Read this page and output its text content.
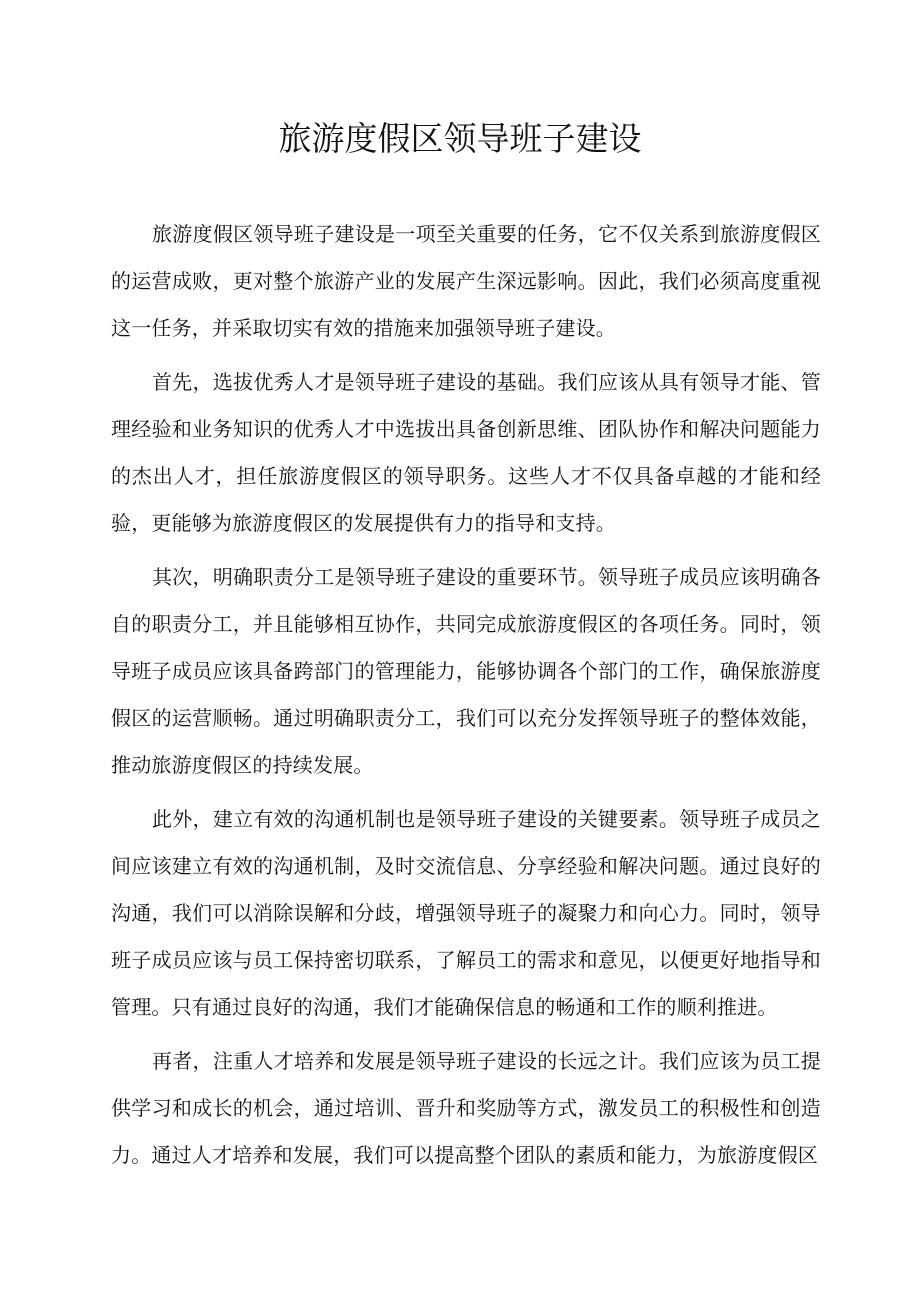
旅游度假区领导班子建设

旅游度假区领导班子建设是一项至关重要的任务，它不仅关系到旅游度假区的运营成败，更对整个旅游产业的发展产生深远影响。因此，我们必须高度重视这一任务，并采取切实有效的措施来加强领导班子建设。

首先，选拔优秀人才是领导班子建设的基础。我们应该从具有领导才能、管理经验和业务知识的优秀人才中选拔出具备创新思维、团队协作和解决问题能力的杰出人才，担任旅游度假区的领导职务。这些人才不仅具备卓越的才能和经验，更能够为旅游度假区的发展提供有力的指导和支持。

其次，明确职责分工是领导班子建设的重要环节。领导班子成员应该明确各自的职责分工，并且能够相互协作，共同完成旅游度假区的各项任务。同时，领导班子成员应该具备跨部门的管理能力，能够协调各个部门的工作，确保旅游度假区的运营顺畅。通过明确职责分工，我们可以充分发挥领导班子的整体效能，推动旅游度假区的持续发展。

此外，建立有效的沟通机制也是领导班子建设的关键要素。领导班子成员之间应该建立有效的沟通机制，及时交流信息、分享经验和解决问题。通过良好的沟通，我们可以消除误解和分歧，增强领导班子的凝聚力和向心力。同时，领导班子成员应该与员工保持密切联系，了解员工的需求和意见，以便更好地指导和管理。只有通过良好的沟通，我们才能确保信息的畅通和工作的顺利推进。

再者，注重人才培养和发展是领导班子建设的长远之计。我们应该为员工提供学习和成长的机会，通过培训、晋升和奖励等方式，激发员工的积极性和创造力。通过人才培养和发展，我们可以提高整个团队的素质和能力，为旅游度假区
